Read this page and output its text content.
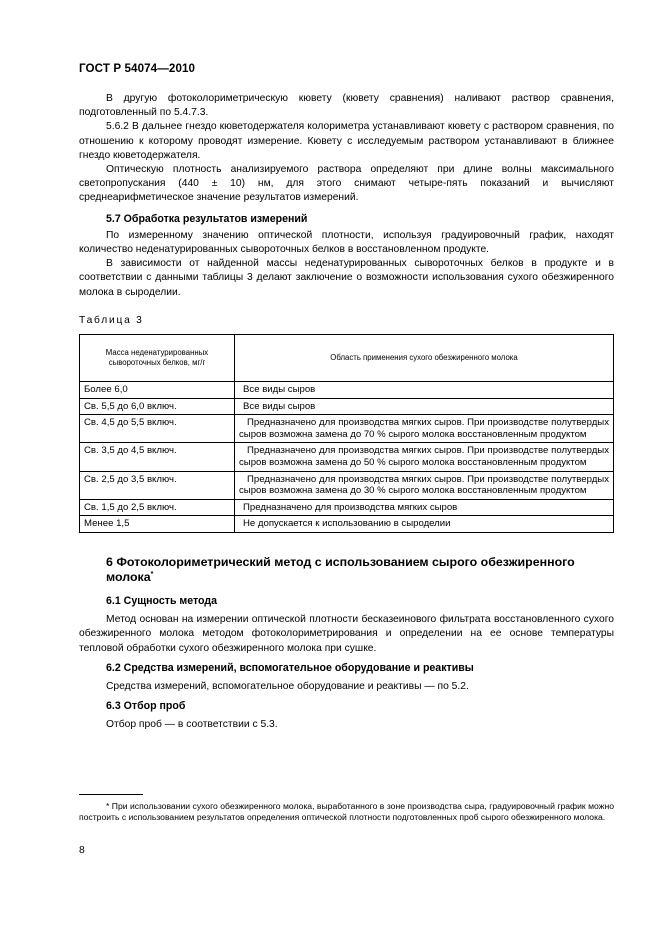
ГОСТ Р 54074—2010

В другую фотоколориметрическую кювету (кювету сравнения) наливают раствор сравнения, подготовленный по 5.4.7.3.

5.6.2 В дальнее гнездо кюветодержателя колориметра устанавливают кювету с раствором сравнения, по отношению к которому проводят измерение. Кювету с исследуемым раствором устанавливают в ближнее гнездо кюветодержателя.

Оптическую плотность анализируемого раствора определяют при длине волны максимального светопропускания (440 ± 10) нм, для этого снимают четыре-пять показаний и вычисляют среднеарифметическое значение результатов измерений.

5.7 Обработка результатов измерений

По измеренному значению оптической плотности, используя градуировочный график, находят количество неденатурированных сывороточных белков в восстановленном продукте.

В зависимости от найденной массы неденатурированных сывороточных белков в продукте и в соответствии с данными таблицы 3 делают заключение о возможности использования сухого обезжиренного молока в сыроделии.

Таблица 3
Масса неденатурированных сывороточных белков, мг/г	Область применения сухого обезжиренного молока
Более 6,0	Все виды сыров
Св. 5,5 до 6,0 включ.	Все виды сыров
Св. 4,5 до 5,5 включ.	Предназначено для производства мягких сыров. При производстве полутвердых сыров возможна замена до 70 % сырого молока восстановленным продуктом
Св. 3,5 до 4,5 включ.	Предназначено для производства мягких сыров. При производстве полутвердых сыров возможна замена до 50 % сырого молока восстановленным продуктом
Св. 2,5 до 3,5 включ.	Предназначено для производства мягких сыров. При производстве полутвердых сыров возможна замена до 30 % сырого молока восстановленным продуктом
Св. 1,5 до 2,5 включ.	Предназначено для производства мягких сыров
Менее 1,5	Не допускается к использованию в сыроделии
6 Фотоколориметрический метод с использованием сырого обезжиренного молока*
6.1 Сущность метода

Метод основан на измерении оптической плотности бесказеинового фильтрата восстановленного сухого обезжиренного молока методом фотоколориметрирования и определении на ее основе температуры тепловой обработки сухого обезжиренного молока при сушке.

6.2 Средства измерений, вспомогательное оборудование и реактивы

Средства измерений, вспомогательное оборудование и реактивы — по 5.2.

6.3 Отбор проб

Отбор проб — в соответствии с 5.3.

* При использовании сухого обезжиренного молока, выработанного в зоне производства сыра, градуировочный график можно построить с использованием результатов определения оптической плотности подготовленных проб сырого обезжиренного молока.
8
